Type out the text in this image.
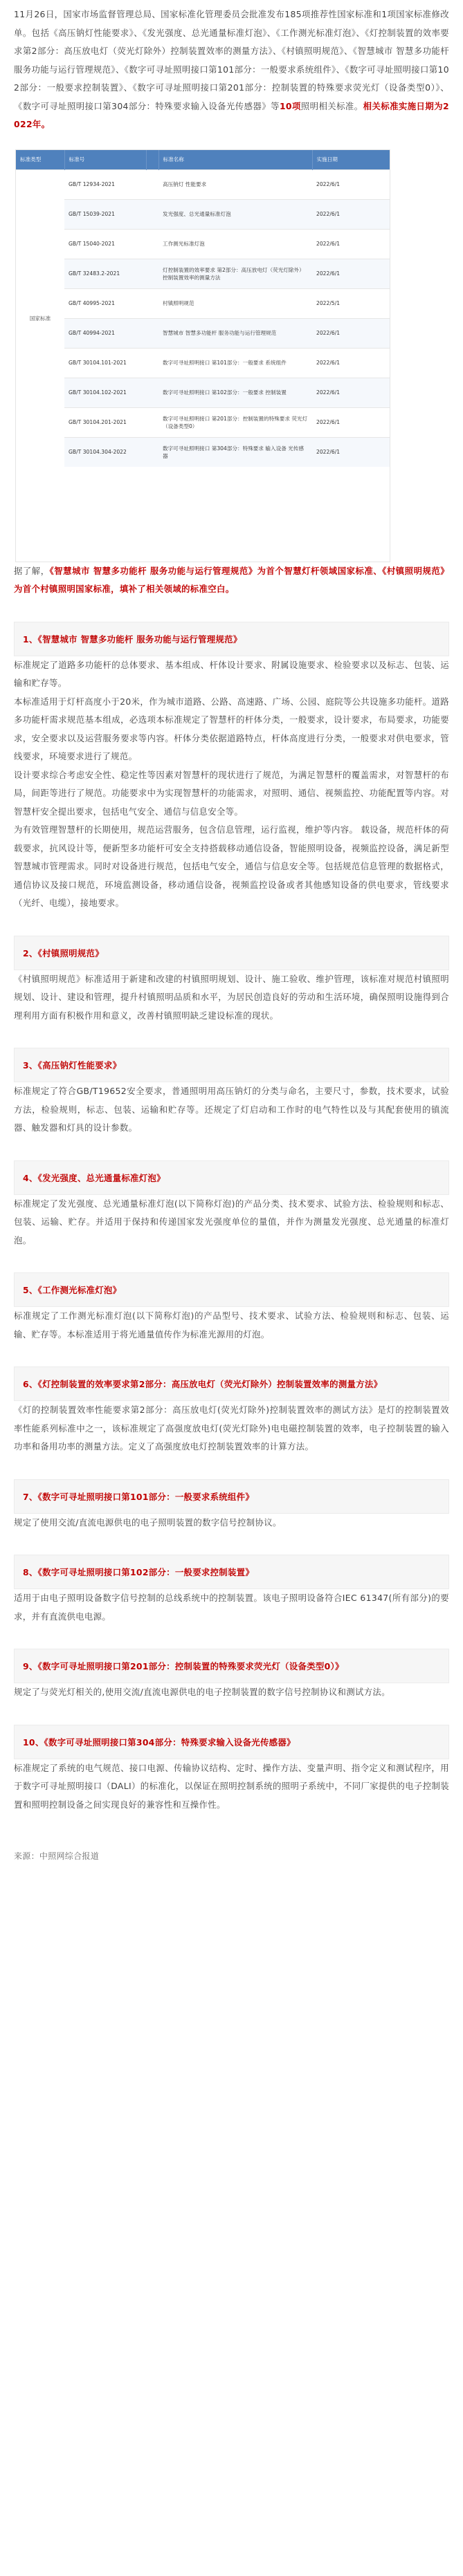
11月26日，国家市场监督管理总局、国家标准化管理委员会批准发布185项推荐性国家标准和1项国家标准修改单。包括《高压钠灯性能要求》、《发光强度、总光通量标准灯泡》、《工作测光标准灯泡》、《灯控制装置的效率要求第2部分：高压放电灯（荧光灯除外）控制装置效率的测量方法》、《村镇照明规范》、《智慧城市 智慧多功能杆 服务功能与运行管理规范》、《数字可寻址照明接口第101部分：一般要求系统组件》、《数字可寻址照明接口第102部分：一般要求控制装置》、《数字可寻址照明接口第201部分：控制装置的特殊要求荧光灯（设备类型0）》、《数字可寻址照明接口第304部分：特殊要求输入设备光传感器》等10项照明相关标准。相关标准实施日期为2022年。

标准类型	标准号		标准名称	实施日期
国家标准	GB/T 12934-2021		高压钠灯 性能要求	2022/6/1
	GB/T 15039-2021		发光强度、总光通量标准灯泡	2022/6/1
	GB/T 15040-2021		工作测光标准灯泡	2022/6/1
	GB/T 32483.2-2021		灯控制装置的效率要求 第2部分：高压放电灯（荧光灯除外）控制装置效率的测量方法	2022/6/1
	GB/T 40995-2021		村镇照明规范	2022/5/1
	GB/T 40994-2021		智慧城市 智慧多功能杆 服务功能与运行管理规范	2022/6/1
	GB/T 30104.101-2021		数字可寻址照明接口 第101部分：一般要求 系统组件	2022/6/1
	GB/T 30104.102-2021		数字可寻址照明接口 第102部分：一般要求 控制装置	2022/6/1
	GB/T 30104.201-2021		数字可寻址照明接口 第201部分：控制装置的特殊要求 荧光灯（设备类型0）	2022/6/1
	GB/T 30104.304-2022		数字可寻址照明接口 第304部分：特殊要求 输入设备 光传感器	2022/6/1

据了解，《智慧城市 智慧多功能杆 服务功能与运行管理规范》为首个智慧灯杆领域国家标准、《村镇照明规范》为首个村镇照明国家标准，填补了相关领域的标准空白。

1、《智慧城市 智慧多功能杆 服务功能与运行管理规范》

标准规定了道路多功能杆的总体要求、基本组成、杆体设计要求、附属设施要求、检验要求以及标志、包装、运输和贮存等。

本标准适用于灯杆高度小于20米，作为城市道路、公路、高速路、广场、公园、庭院等公共设施多功能杆。道路多功能杆需求规范基本组成，必选项本标准规定了智慧杆的杆体分类，一般要求，设计要求，布局要求，功能要求，安全要求以及运营服务要求等内容。杆体分类依据道路特点，杆体高度进行分类，一般要求对供电要求，管线要求，环境要求进行了规范。

设计要求综合考虑安全性、稳定性等因素对智慧杆的现状进行了规范，为满足智慧杆的覆盖需求，对智慧杆的布局，间距等进行了规范。功能要求中为实现智慧杆的功能需求，对照明、通信、视频监控、功能配置等内容。对智慧杆安全提出要求，包括电气安全、通信与信息安全等。

为有效管理智慧杆的长期使用，规范运营服务，包含信息管理，运行监视，维护等内容。 载设备，规范杆体的荷载要求，抗风设计等，便新型多功能杆可安全支持搭载移动通信设备，智能照明设备，视频监控设备，满足新型智慧城市管理需求。同时对设备进行规范，包括电气安全，通信与信息安全等。包括规范信息管理的数据格式，通信协议及接口规范，环境监测设备，移动通信设备，视频监控设备或者其他感知设备的供电要求，管线要求（光纤、电缆），接地要求。

2、《村镇照明规范》

《村镇照明规范》标准适用于新建和改建的村镇照明规划、设计、施工验收、维护管理，该标准对规范村镇照明规划、设计、建设和管理，提升村镇照明品质和水平，为居民创造良好的劳动和生活环境，确保照明设施得到合理利用方面有积极作用和意义，改善村镇照明缺乏建设标准的现状。

3、《高压钠灯性能要求》

标准规定了符合GB/T19652安全要求，普通照明用高压钠灯的分类与命名，主要尺寸，参数，技术要求，试验方法，检验规则，标志、包装、运输和贮存等。还规定了灯启动和工作时的电气特性以及与其配套使用的镇流器、触发器和灯具的设计参数。

4、《发光强度、总光通量标准灯泡》

标准规定了发光强度、总光通量标准灯泡(以下简称灯泡)的产品分类、技术要求、试验方法、检验规则和标志、包装、运输、贮存。并适用于保持和传递国家发光强度单位的量值，并作为测量发光强度、总光通量的标准灯泡。

5、《工作测光标准灯泡》

标准规定了工作测光标准灯泡(以下简称灯泡)的产品型号、技术要求、试验方法、检验规则和标志、包装、运输、贮存等。本标准适用于将光通量值传作为标准光源用的灯泡。

6、《灯控制装置的效率要求第2部分：高压放电灯（荧光灯除外）控制装置效率的测量方法》

《灯的控制装置效率性能要求第2部分：高压放电灯(荧光灯除外)控制装置效率的测试方法》是灯的控制装置效率性能系列标准中之一，该标准规定了高强度放电灯(荧光灯除外)电电磁控制装置的效率，电子控制装置的输入功率和备用功率的测量方法。定义了高强度放电灯控制装置效率的计算方法。

7、《数字可寻址照明接口第101部分：一般要求系统组件》

规定了使用交流/直流电源供电的电子照明装置的数字信号控制协议。

8、《数字可寻址照明接口第102部分：一般要求控制装置》

适用于由电子照明设备数字信号控制的总线系统中的控制装置。该电子照明设备符合IEC 61347(所有部分)的要求，并有直流供电电源。

9、《数字可寻址照明接口第201部分：控制装置的特殊要求荧光灯（设备类型0）》

规定了与荧光灯相关的,使用交流/直流电源供电的电子控制装置的数字信号控制协议和测试方法。

10、《数字可寻址照明接口第304部分：特殊要求输入设备光传感器》

标准规定了系统的电气规范、接口电源、传输协议结构、定时、操作方法、变量声明、指令定义和测试程序，用于数字可寻址照明接口（DALI）的标准化，以保证在照明控制系统的照明子系统中，不同厂家提供的电子控制装置和照明控制设备之间实现良好的兼容性和互操作性。

来源：中照网综合报道
